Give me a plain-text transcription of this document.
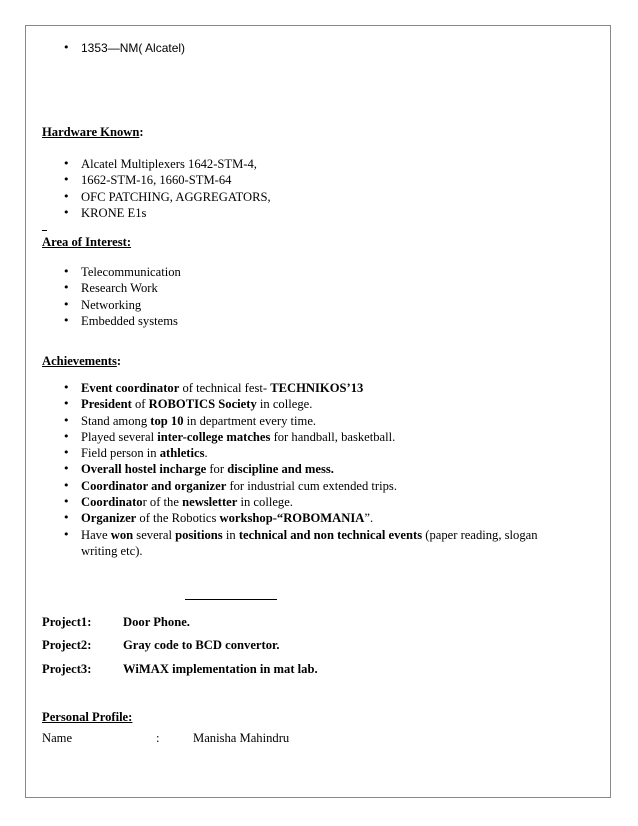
• 1353—NM( Alcatel)
Hardware Known:
• Alcatel Multiplexers 1642-STM-4,
• 1662-STM-16, 1660-STM-64
• OFC PATCHING, AGGREGATORS,
• KRONE E1s
Area of Interest:
• Telecommunication
• Research Work
• Networking
• Embedded systems
Achievements:
• Event coordinator of technical fest- TECHNIKOS’13
• President of ROBOTICS Society in college.
• Stand among top 10 in department every time.
• Played several inter-college matches for handball, basketball.
• Field person in athletics.
• Overall hostel incharge for discipline and mess.
• Coordinator and organizer for industrial cum extended trips.
• Coordinator of the newsletter in college.
• Organizer of the Robotics workshop-“ROBOMANIA”.
• Have won several positions in technical and non technical events (paper reading, slogan writing etc).
Project1:	Door Phone.
Project2:	Gray code to BCD convertor.
Project3:	WiMAX implementation in mat lab.
Personal Profile:
Name	:	Manisha Mahindru
